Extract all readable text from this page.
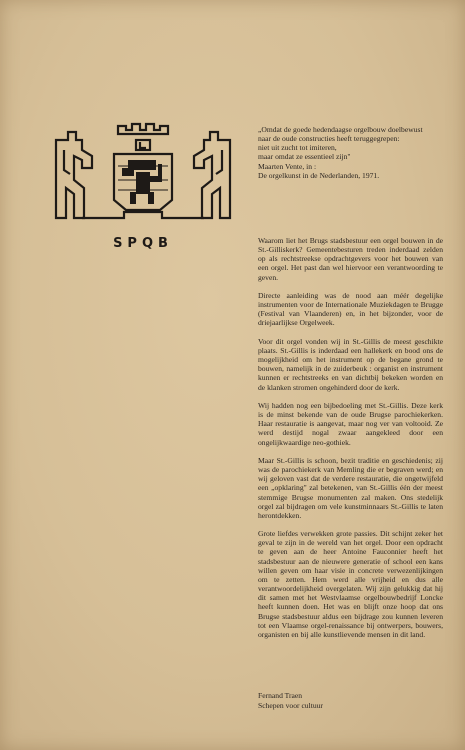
SPQB
„Omdat de goede hedendaagse orgelbouw doelbewust
naar de oude constructies heeft teruggegrepen:
niet uit zucht tot imiteren,
maar omdat ze essentieel zijn"
Maarten Vente, in :
De orgelkunst in de Nederlanden, 1971.

Waarom liet het Brugs stadsbestuur een orgel bouwen in de St.-Gilliskerk? Gemeentebesturen treden inderdaad zelden op als rechtstreekse opdrachtgevers voor het bouwen van een orgel. Het past dan wel hiervoor een verantwoording te geven.

Directe aanleiding was de nood aan méér degelijke instrumenten voor de Internationale Muziekdagen te Brugge (Festival van Vlaanderen) en, in het bijzonder, voor de driejaarlijkse Orgelweek.

Voor dit orgel vonden wij in St.-Gillis de meest geschikte plaats. St.-Gillis is inderdaad een hallekerk en bood ons de mogelijkheid om het instrument op de begane grond te bouwen, namelijk in de zuiderbeuk : organist en instrument kunnen er rechtstreeks en van dichtbij bekeken worden en de klanken stromen ongehinderd door de kerk.

Wij hadden nog een bijbedoeling met St.-Gillis. Deze kerk is de minst bekende van de oude Brugse parochiekerken. Haar restauratie is aangevat, maar nog ver van voltooid. Ze werd destijd nogal zwaar aangekleed door een ongelijkwaardige neo-gothiek.

Maar St.-Gillis is schoon, bezit traditie en geschiedenis; zij was de parochiekerk van Memling die er begraven werd; en wij geloven vast dat de verdere restauratie, die ongetwijfeld een „opklaring" zal betekenen, van St.-Gillis één der meest stemmige Brugse monumenten zal maken. Ons stedelijk orgel zal bijdragen om vele kunstminnaars St.-Gillis te laten herontdekken.

Grote liefdes verwekken grote passies. Dit schijnt zeker het geval te zijn in de wereld van het orgel. Door een opdracht te geven aan de heer Antoine Fauconnier heeft het stadsbestuur aan de nieuwere generatie of school een kans willen geven om haar visie in concrete verwezenlijkingen om te zetten. Hem werd alle vrijheid en dus alle verantwoordelijkheid overgelaten. Wij zijn gelukkig dat hij dit samen met het Westvlaamse orgelbouwbedrijf Loncke heeft kunnen doen. Het was en blijft onze hoop dat ons Brugse stadsbestuur aldus een bijdrage zou kunnen leveren tot een Vlaamse orgel-renaissance bij ontwerpers, bouwers, organisten en bij alle kunstlievende mensen in dit land.

Fernand Traen
Schepen voor cultuur
